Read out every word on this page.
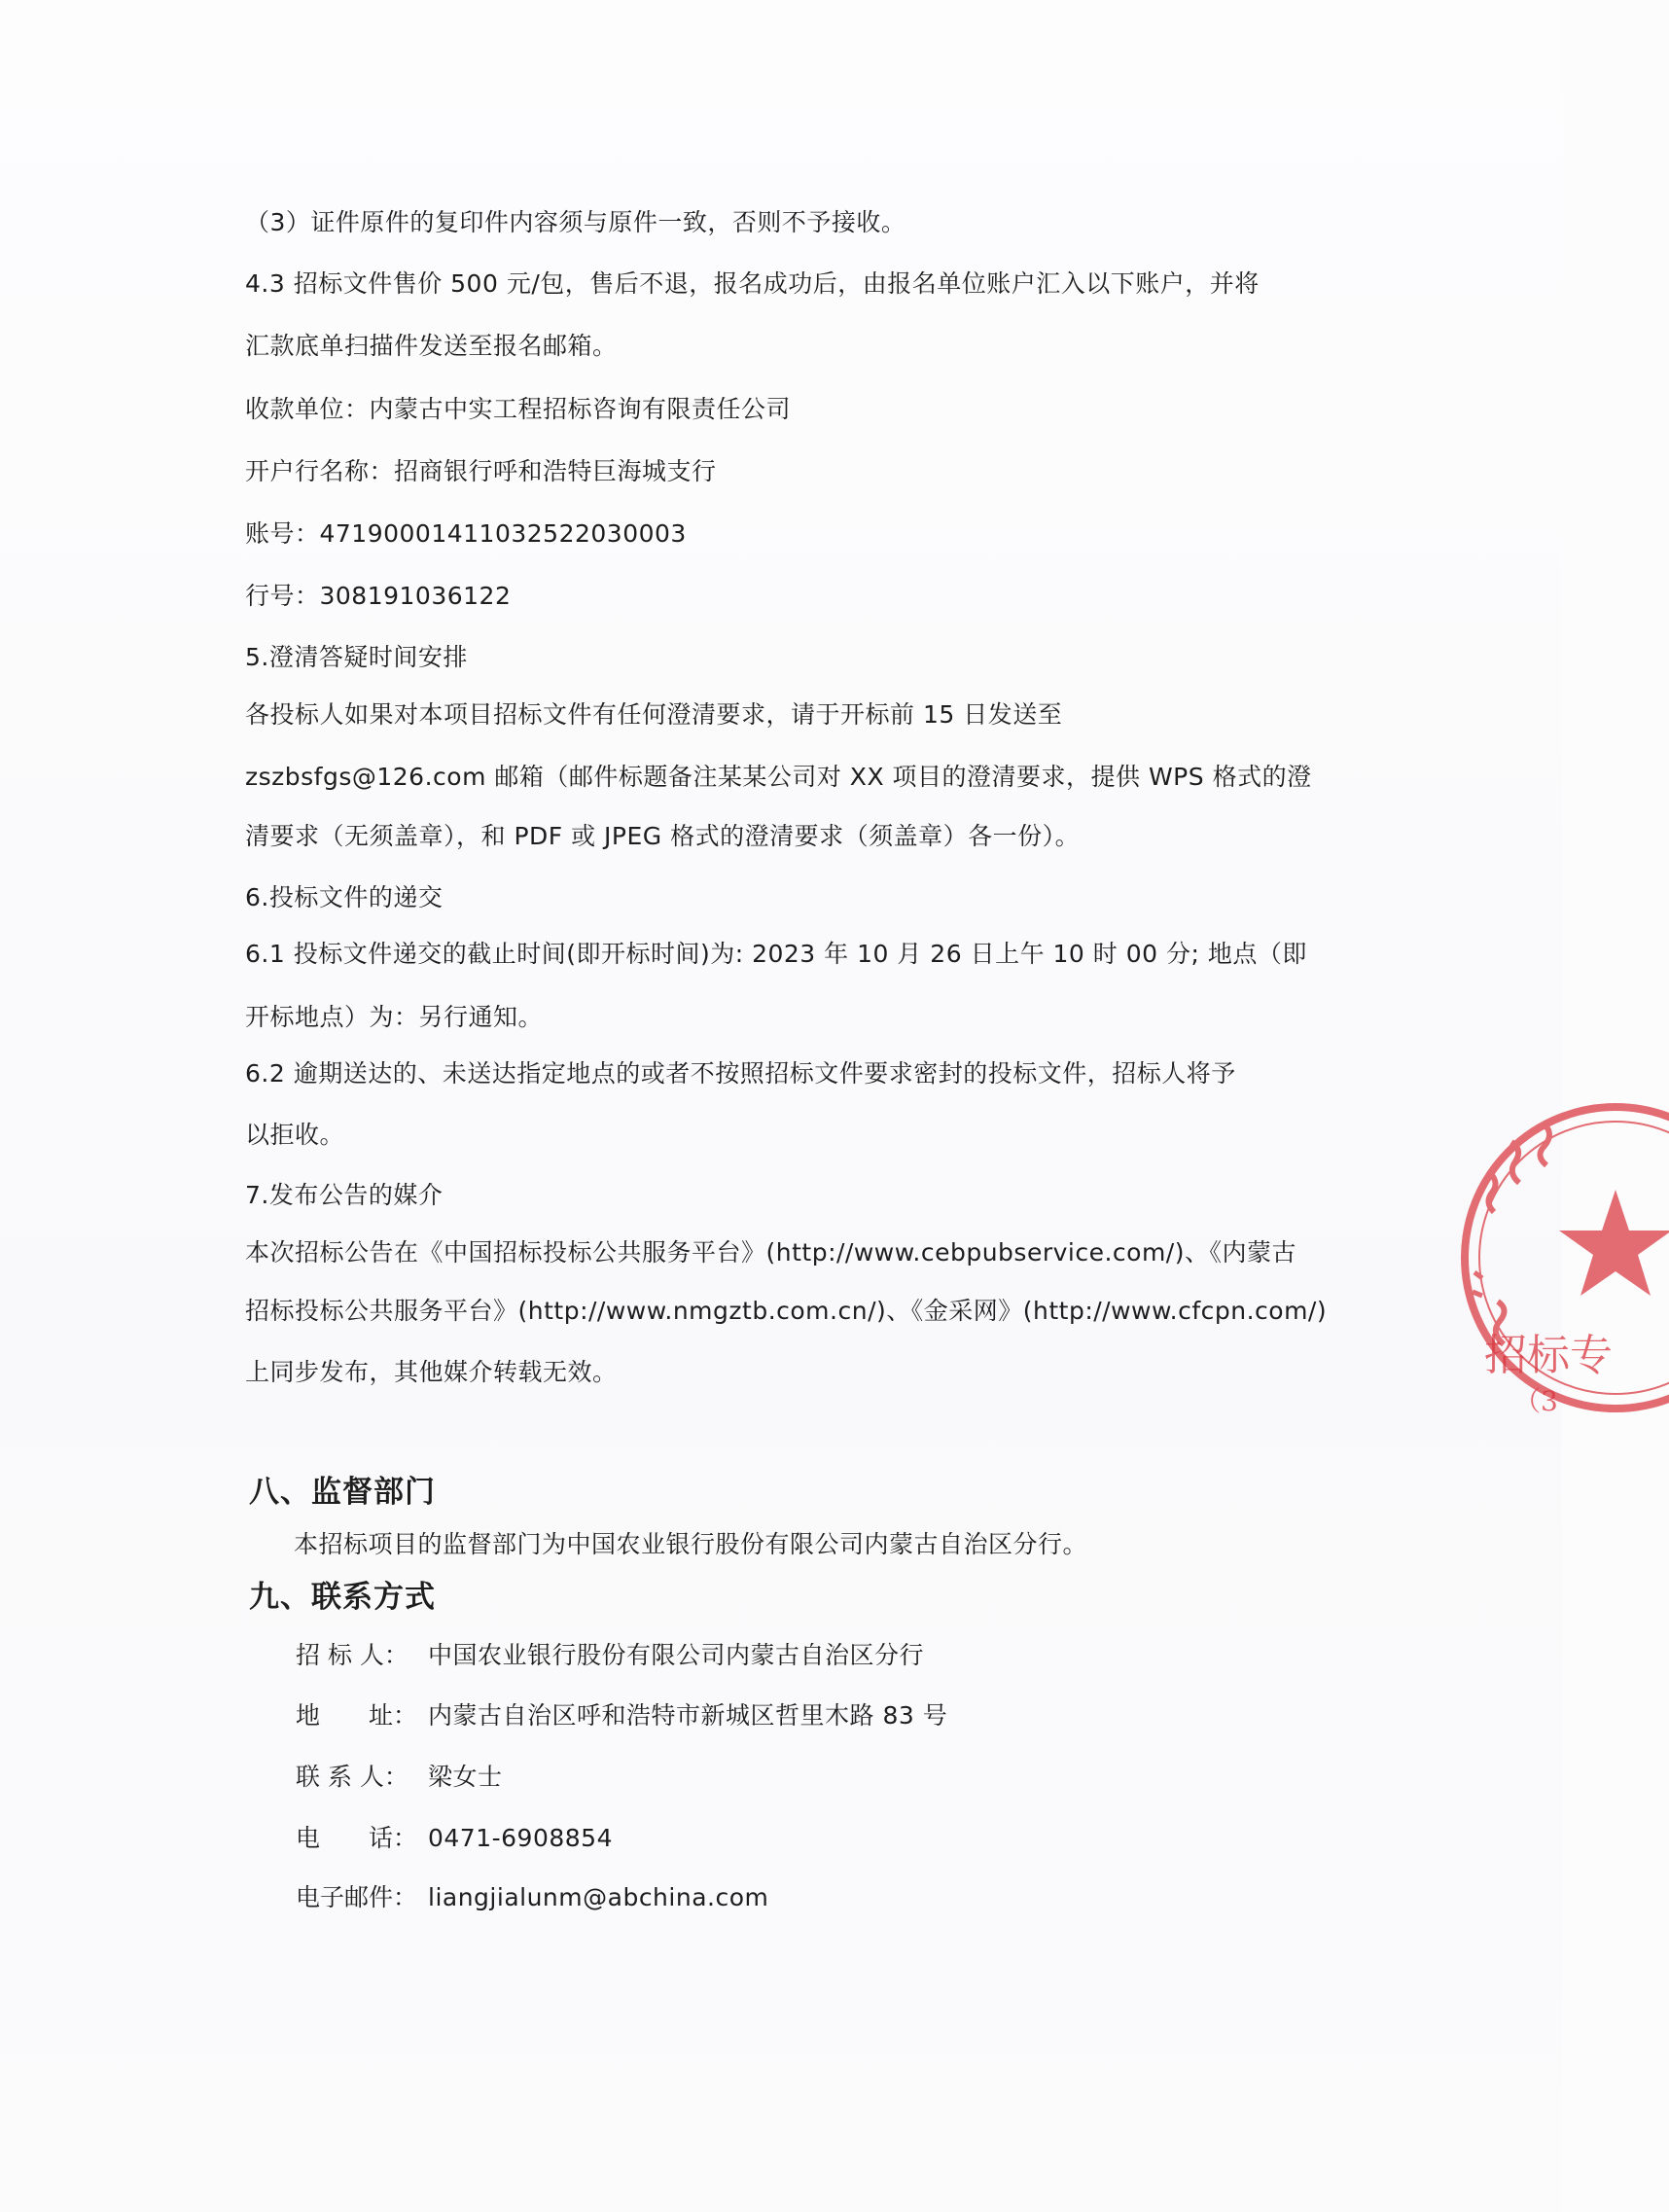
（3）证件原件的复印件内容须与原件一致，否则不予接收。
4.3 招标文件售价 500 元/包，售后不退，报名成功后，由报名单位账户汇入以下账户，并将
汇款底单扫描件发送至报名邮箱。
收款单位：内蒙古中实工程招标咨询有限责任公司
开户行名称：招商银行呼和浩特巨海城支行
账号：471900014110325220300​03
行号：308191036122
5.澄清答疑时间安排
各投标人如果对本项目招标文件有任何澄清要求，请于开标前 15 日发送至
zszbsfgs@126.com 邮箱（邮件标题备注某某公司对 XX 项目的澄清要求，提供 WPS 格式的澄
清要求（无须盖章），和 PDF 或 JPEG 格式的澄清要求（须盖章）各一份）。
6.投标文件的递交
6.1 投标文件递交的截止时间(即开标时间)为: 2023 年 10 月 26 日上午 10 时 00 分; 地点（即
开标地点）为：另行通知。
6.2 逾期送达的、未送达指定地点的或者不按照招标文件要求密封的投标文件，招标人将予
以拒收。
7.发布公告的媒介
本次招标公告在《中国招标投标公共服务平台》(http://www.cebpubservice.com/)、《内蒙古
招标投标公共服务平台》(http://www.nmgztb.com.cn/)、《金采网》(http://www.cfcpn.com/)
上同步发布，其他媒介转载无效。
八、监督部门
本招标项目的监督部门为中国农业银行股份有限公司内蒙古自治区分行。
九、联系方式
招 标 人： 中国农业银行股份有限公司内蒙古自治区分行
地　　址： 内蒙古自治区呼和浩特市新城区哲里木路 83 号
联 系 人： 梁女士
电　　话： 0471-6908854
电子邮件： liangjialunm@abchina.com
招标专
（3
